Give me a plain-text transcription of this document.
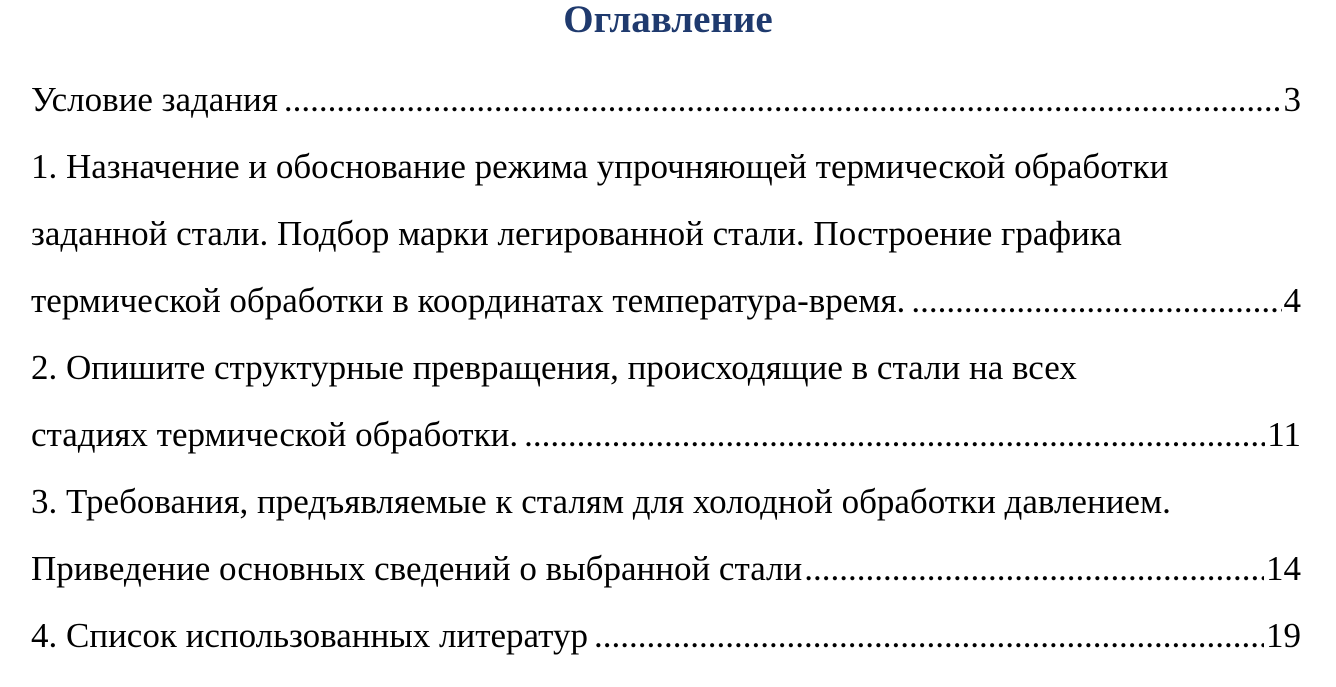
Оглавление
Условие задания .....	3
1. Назначение и обоснование режима упрочняющей термической обработки
заданной стали. Подбор марки легированной стали. Построение графика
термической обработки в координатах температура-время. .....	4
2. Опишите структурные превращения, происходящие в стали на всех
стадиях термической обработки. .....	11
3. Требования, предъявляемые к сталям для холодной обработки давлением.
Приведение основных сведений о выбранной стали .....	14
4. Список использованных литератур .....	19
